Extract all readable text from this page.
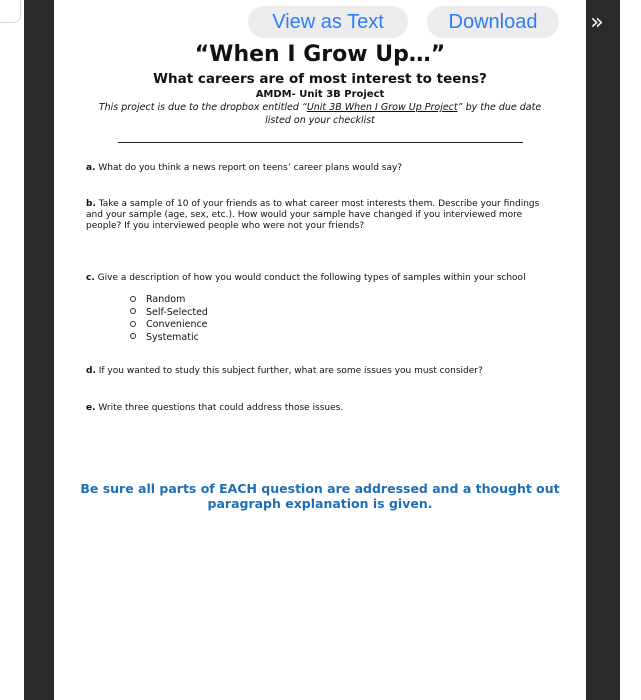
View as Text	Download	»
“When I Grow Up…”
What careers are of most interest to teens?
AMDM- Unit 3B Project
This project is due to the dropbox entitled “Unit 3B When I Grow Up Project” by the due date listed on your checklist
a. What do you think a news report on teens’ career plans would say?
b. Take a sample of 10 of your friends as to what career most interests them. Describe your findings and your sample (age, sex, etc.). How would your sample have changed if you interviewed more people? If you interviewed people who were not your friends?
c. Give a description of how you would conduct the following types of samples within your school
Random
Self-Selected
Convenience
Systematic
d. If you wanted to study this subject further, what are some issues you must consider?
e. Write three questions that could address those issues.
Be sure all parts of EACH question are addressed and a thought out paragraph explanation is given.
